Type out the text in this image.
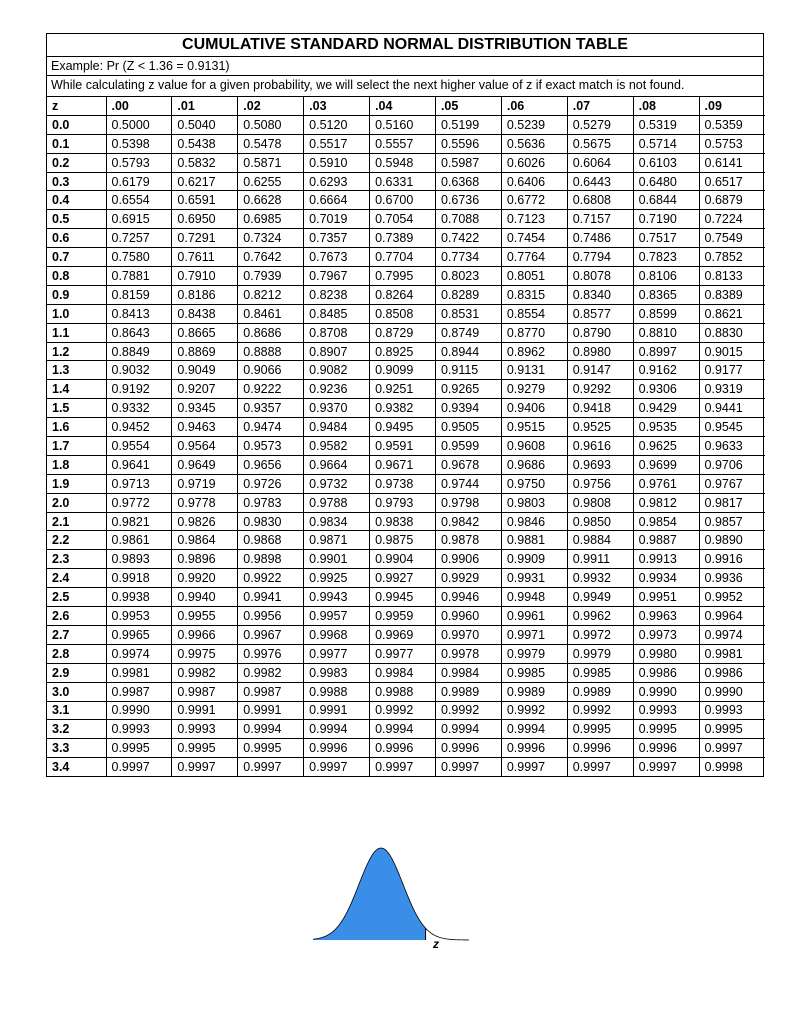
CUMULATIVE STANDARD NORMAL DISTRIBUTION TABLE
Example: Pr (Z < 1.36 = 0.9131)
While calculating z value for a given probability, we will select the next higher value of z if exact match is not found.
z	.00	.01	.02	.03	.04	.05	.06	.07	.08	.09
0.0	0.5000	0.5040	0.5080	0.5120	0.5160	0.5199	0.5239	0.5279	0.5319	0.5359
0.1	0.5398	0.5438	0.5478	0.5517	0.5557	0.5596	0.5636	0.5675	0.5714	0.5753
0.2	0.5793	0.5832	0.5871	0.5910	0.5948	0.5987	0.6026	0.6064	0.6103	0.6141
0.3	0.6179	0.6217	0.6255	0.6293	0.6331	0.6368	0.6406	0.6443	0.6480	0.6517
0.4	0.6554	0.6591	0.6628	0.6664	0.6700	0.6736	0.6772	0.6808	0.6844	0.6879
0.5	0.6915	0.6950	0.6985	0.7019	0.7054	0.7088	0.7123	0.7157	0.7190	0.7224
0.6	0.7257	0.7291	0.7324	0.7357	0.7389	0.7422	0.7454	0.7486	0.7517	0.7549
0.7	0.7580	0.7611	0.7642	0.7673	0.7704	0.7734	0.7764	0.7794	0.7823	0.7852
0.8	0.7881	0.7910	0.7939	0.7967	0.7995	0.8023	0.8051	0.8078	0.8106	0.8133
0.9	0.8159	0.8186	0.8212	0.8238	0.8264	0.8289	0.8315	0.8340	0.8365	0.8389
1.0	0.8413	0.8438	0.8461	0.8485	0.8508	0.8531	0.8554	0.8577	0.8599	0.8621
1.1	0.8643	0.8665	0.8686	0.8708	0.8729	0.8749	0.8770	0.8790	0.8810	0.8830
1.2	0.8849	0.8869	0.8888	0.8907	0.8925	0.8944	0.8962	0.8980	0.8997	0.9015
1.3	0.9032	0.9049	0.9066	0.9082	0.9099	0.9115	0.9131	0.9147	0.9162	0.9177
1.4	0.9192	0.9207	0.9222	0.9236	0.9251	0.9265	0.9279	0.9292	0.9306	0.9319
1.5	0.9332	0.9345	0.9357	0.9370	0.9382	0.9394	0.9406	0.9418	0.9429	0.9441
1.6	0.9452	0.9463	0.9474	0.9484	0.9495	0.9505	0.9515	0.9525	0.9535	0.9545
1.7	0.9554	0.9564	0.9573	0.9582	0.9591	0.9599	0.9608	0.9616	0.9625	0.9633
1.8	0.9641	0.9649	0.9656	0.9664	0.9671	0.9678	0.9686	0.9693	0.9699	0.9706
1.9	0.9713	0.9719	0.9726	0.9732	0.9738	0.9744	0.9750	0.9756	0.9761	0.9767
2.0	0.9772	0.9778	0.9783	0.9788	0.9793	0.9798	0.9803	0.9808	0.9812	0.9817
2.1	0.9821	0.9826	0.9830	0.9834	0.9838	0.9842	0.9846	0.9850	0.9854	0.9857
2.2	0.9861	0.9864	0.9868	0.9871	0.9875	0.9878	0.9881	0.9884	0.9887	0.9890
2.3	0.9893	0.9896	0.9898	0.9901	0.9904	0.9906	0.9909	0.9911	0.9913	0.9916
2.4	0.9918	0.9920	0.9922	0.9925	0.9927	0.9929	0.9931	0.9932	0.9934	0.9936
2.5	0.9938	0.9940	0.9941	0.9943	0.9945	0.9946	0.9948	0.9949	0.9951	0.9952
2.6	0.9953	0.9955	0.9956	0.9957	0.9959	0.9960	0.9961	0.9962	0.9963	0.9964
2.7	0.9965	0.9966	0.9967	0.9968	0.9969	0.9970	0.9971	0.9972	0.9973	0.9974
2.8	0.9974	0.9975	0.9976	0.9977	0.9977	0.9978	0.9979	0.9979	0.9980	0.9981
2.9	0.9981	0.9982	0.9982	0.9983	0.9984	0.9984	0.9985	0.9985	0.9986	0.9986
3.0	0.9987	0.9987	0.9987	0.9988	0.9988	0.9989	0.9989	0.9989	0.9990	0.9990
3.1	0.9990	0.9991	0.9991	0.9991	0.9992	0.9992	0.9992	0.9992	0.9993	0.9993
3.2	0.9993	0.9993	0.9994	0.9994	0.9994	0.9994	0.9994	0.9995	0.9995	0.9995
3.3	0.9995	0.9995	0.9995	0.9996	0.9996	0.9996	0.9996	0.9996	0.9996	0.9997
3.4	0.9997	0.9997	0.9997	0.9997	0.9997	0.9997	0.9997	0.9997	0.9997	0.9998
z
